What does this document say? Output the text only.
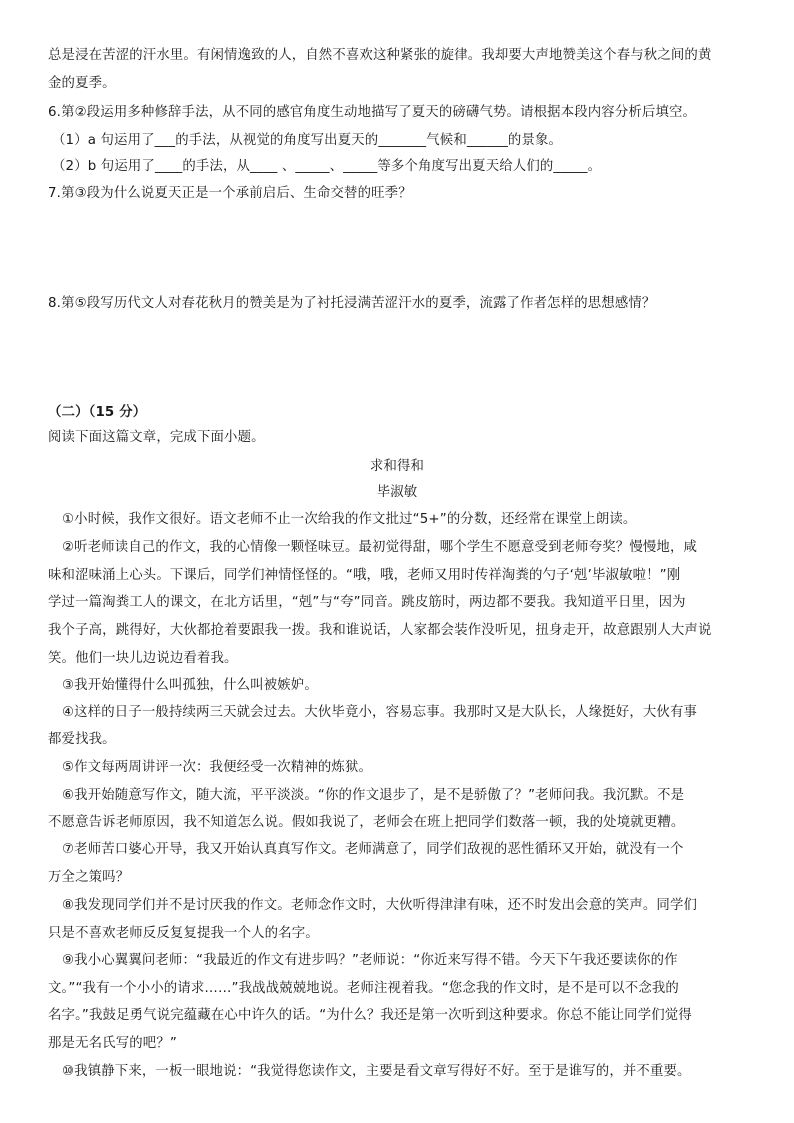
总是浸在苦涩的汗水里。有闲情逸致的人，自然不喜欢这种紧张的旋律。我却要大声地赞美这个春与秋之间的黄
金的夏季。
6.第②段运用多种修辞手法，从不同的感官角度生动地描写了夏天的磅礴气势。请根据本段内容分析后填空。
（1）a 句运用了___的手法，从视觉的角度写出夏天的_______气候和______的景象。
（2）b 句运用了____的手法，从____ 、_____、_____等多个角度写出夏天给人们的_____。
7.第③段为什么说夏天正是一个承前启后、生命交替的旺季？
8.第⑤段写历代文人对春花秋月的赞美是为了衬托浸满苦涩汗水的夏季，流露了作者怎样的思想感情？
（二）（15 分）
阅读下面这篇文章，完成下面小题。
求和得和
毕淑敏
①小时候，我作文很好。语文老师不止一次给我的作文批过“5+”的分数，还经常在课堂上朗读。
②听老师读自己的作文，我的心情像一颗怪味豆。最初觉得甜，哪个学生不愿意受到老师夸奖？慢慢地，咸
味和涩味涌上心头。下课后，同学们神情怪怪的。“哦，哦，老师又用时传祥淘粪的勺子‘剋’毕淑敏啦！”刚
学过一篇淘粪工人的课文，在北方话里，“剋”与“夸”同音。跳皮筋时，两边都不要我。我知道平日里，因为
我个子高，跳得好，大伙都抢着要跟我一拨。我和谁说话，人家都会装作没听见，扭身走开，故意跟别人大声说
笑。他们一块儿边说边看着我。
③我开始懂得什么叫孤独，什么叫被嫉妒。
④这样的日子一般持续两三天就会过去。大伙毕竟小，容易忘事。我那时又是大队长，人缘挺好，大伙有事
都爱找我。
⑤作文每两周讲评一次：我便经受一次精神的炼狱。
⑥我开始随意写作文，随大流，平平淡淡。“你的作文退步了，是不是骄傲了？”老师问我。我沉默。不是
不愿意告诉老师原因，我不知道怎么说。假如我说了，老师会在班上把同学们数落一顿，我的处境就更糟。
⑦老师苦口婆心开导，我又开始认真真写作文。老师满意了，同学们敌视的恶性循环又开始，就没有一个
万全之策吗？
⑧我发现同学们并不是讨厌我的作文。老师念作文时，大伙听得津津有味，还不时发出会意的笑声。同学们
只是不喜欢老师反反复复提我一个人的名字。
⑨我小心翼翼问老师：“我最近的作文有进步吗？”老师说：“你近来写得不错。今天下午我还要读你的作
文。”“我有一个小小的请求……”我战战兢兢地说。老师注视着我。“您念我的作文时，是不是可以不念我的
名字。”我鼓足勇气说完蕴藏在心中许久的话。“为什么？我还是第一次听到这种要求。你总不能让同学们觉得
那是无名氏写的吧？”
⑩我镇静下来，一板一眼地说：“我觉得您读作文，主要是看文章写得好不好。至于是谁写的，并不重要。
